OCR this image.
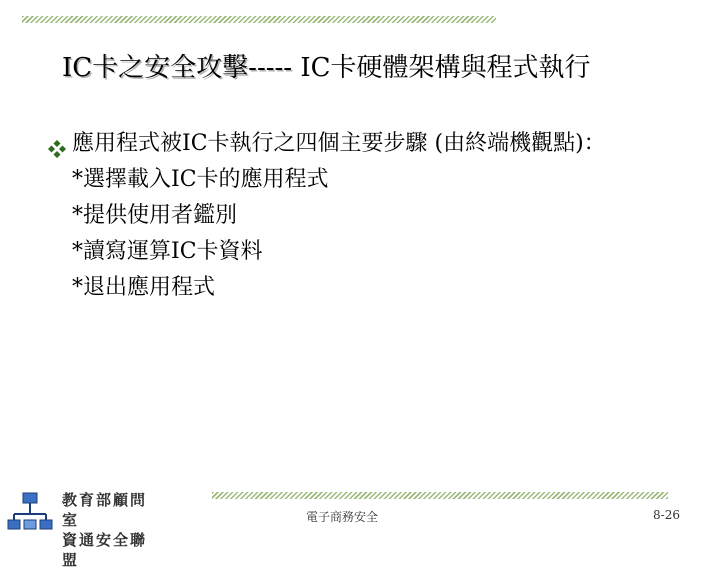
IC卡之安全攻擊----- IC卡硬體架構與程式執行
應用程式被IC卡執行之四個主要步驟 (由終端機觀點)：
*選擇載入IC卡的應用程式
*提供使用者鑑別
*讀寫運算IC卡資料
*退出應用程式
教育部顧問室
資通安全聯盟
電子商務安全	8-26
